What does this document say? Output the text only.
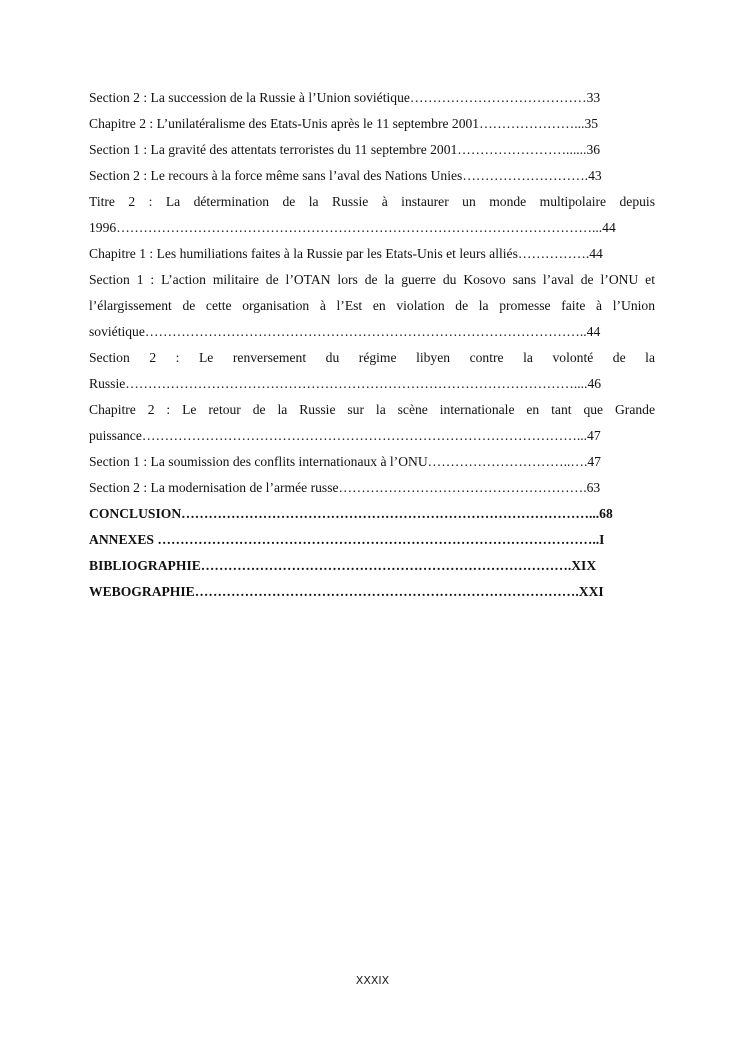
Section 2 : La succession de la Russie à l’Union soviétique…………………………………33

Chapitre 2 : L’unilatéralisme des Etats-Unis après le 11 septembre 2001…………………...35

Section 1 : La gravité des attentats terroristes du 11 septembre 2001……………………......36

Section 2 : Le recours à la force même sans l’aval des Nations Unies……………………….43

Titre 2 : La détermination de la Russie à instaurer un monde multipolaire depuis

1996……………………………………………………………………………………………...44

Chapitre 1 : Les humiliations faites à la Russie par les Etats-Unis et leurs alliés…………….44

Section 1 : L’action militaire de l’OTAN lors de la guerre du Kosovo sans l’aval de l’ONU et

l’élargissement de cette organisation à l’Est en violation de la promesse faite à l’Union

soviétique……………………………………………………………………………………..44

Section 2 : Le renversement du régime libyen contre la volonté de la

Russie………………………………………………………………………………………....46

Chapitre 2 : Le retour de la Russie sur la scène internationale en tant que Grande

puissance……………………………………………………………………………………...47

Section 1 : La soumission des conflits internationaux à l’ONU…………………………..….47

Section 2 : La modernisation de l’armée russe……………………………………………….63

CONCLUSION………………………………………………………………………………...68

ANNEXES ……………………………………………………………………………………..I

BIBLIOGRAPHIE……………………………………………………………………….XIX

WEBOGRAPHIE………………………………………………………………………….XXI

XXXIX
